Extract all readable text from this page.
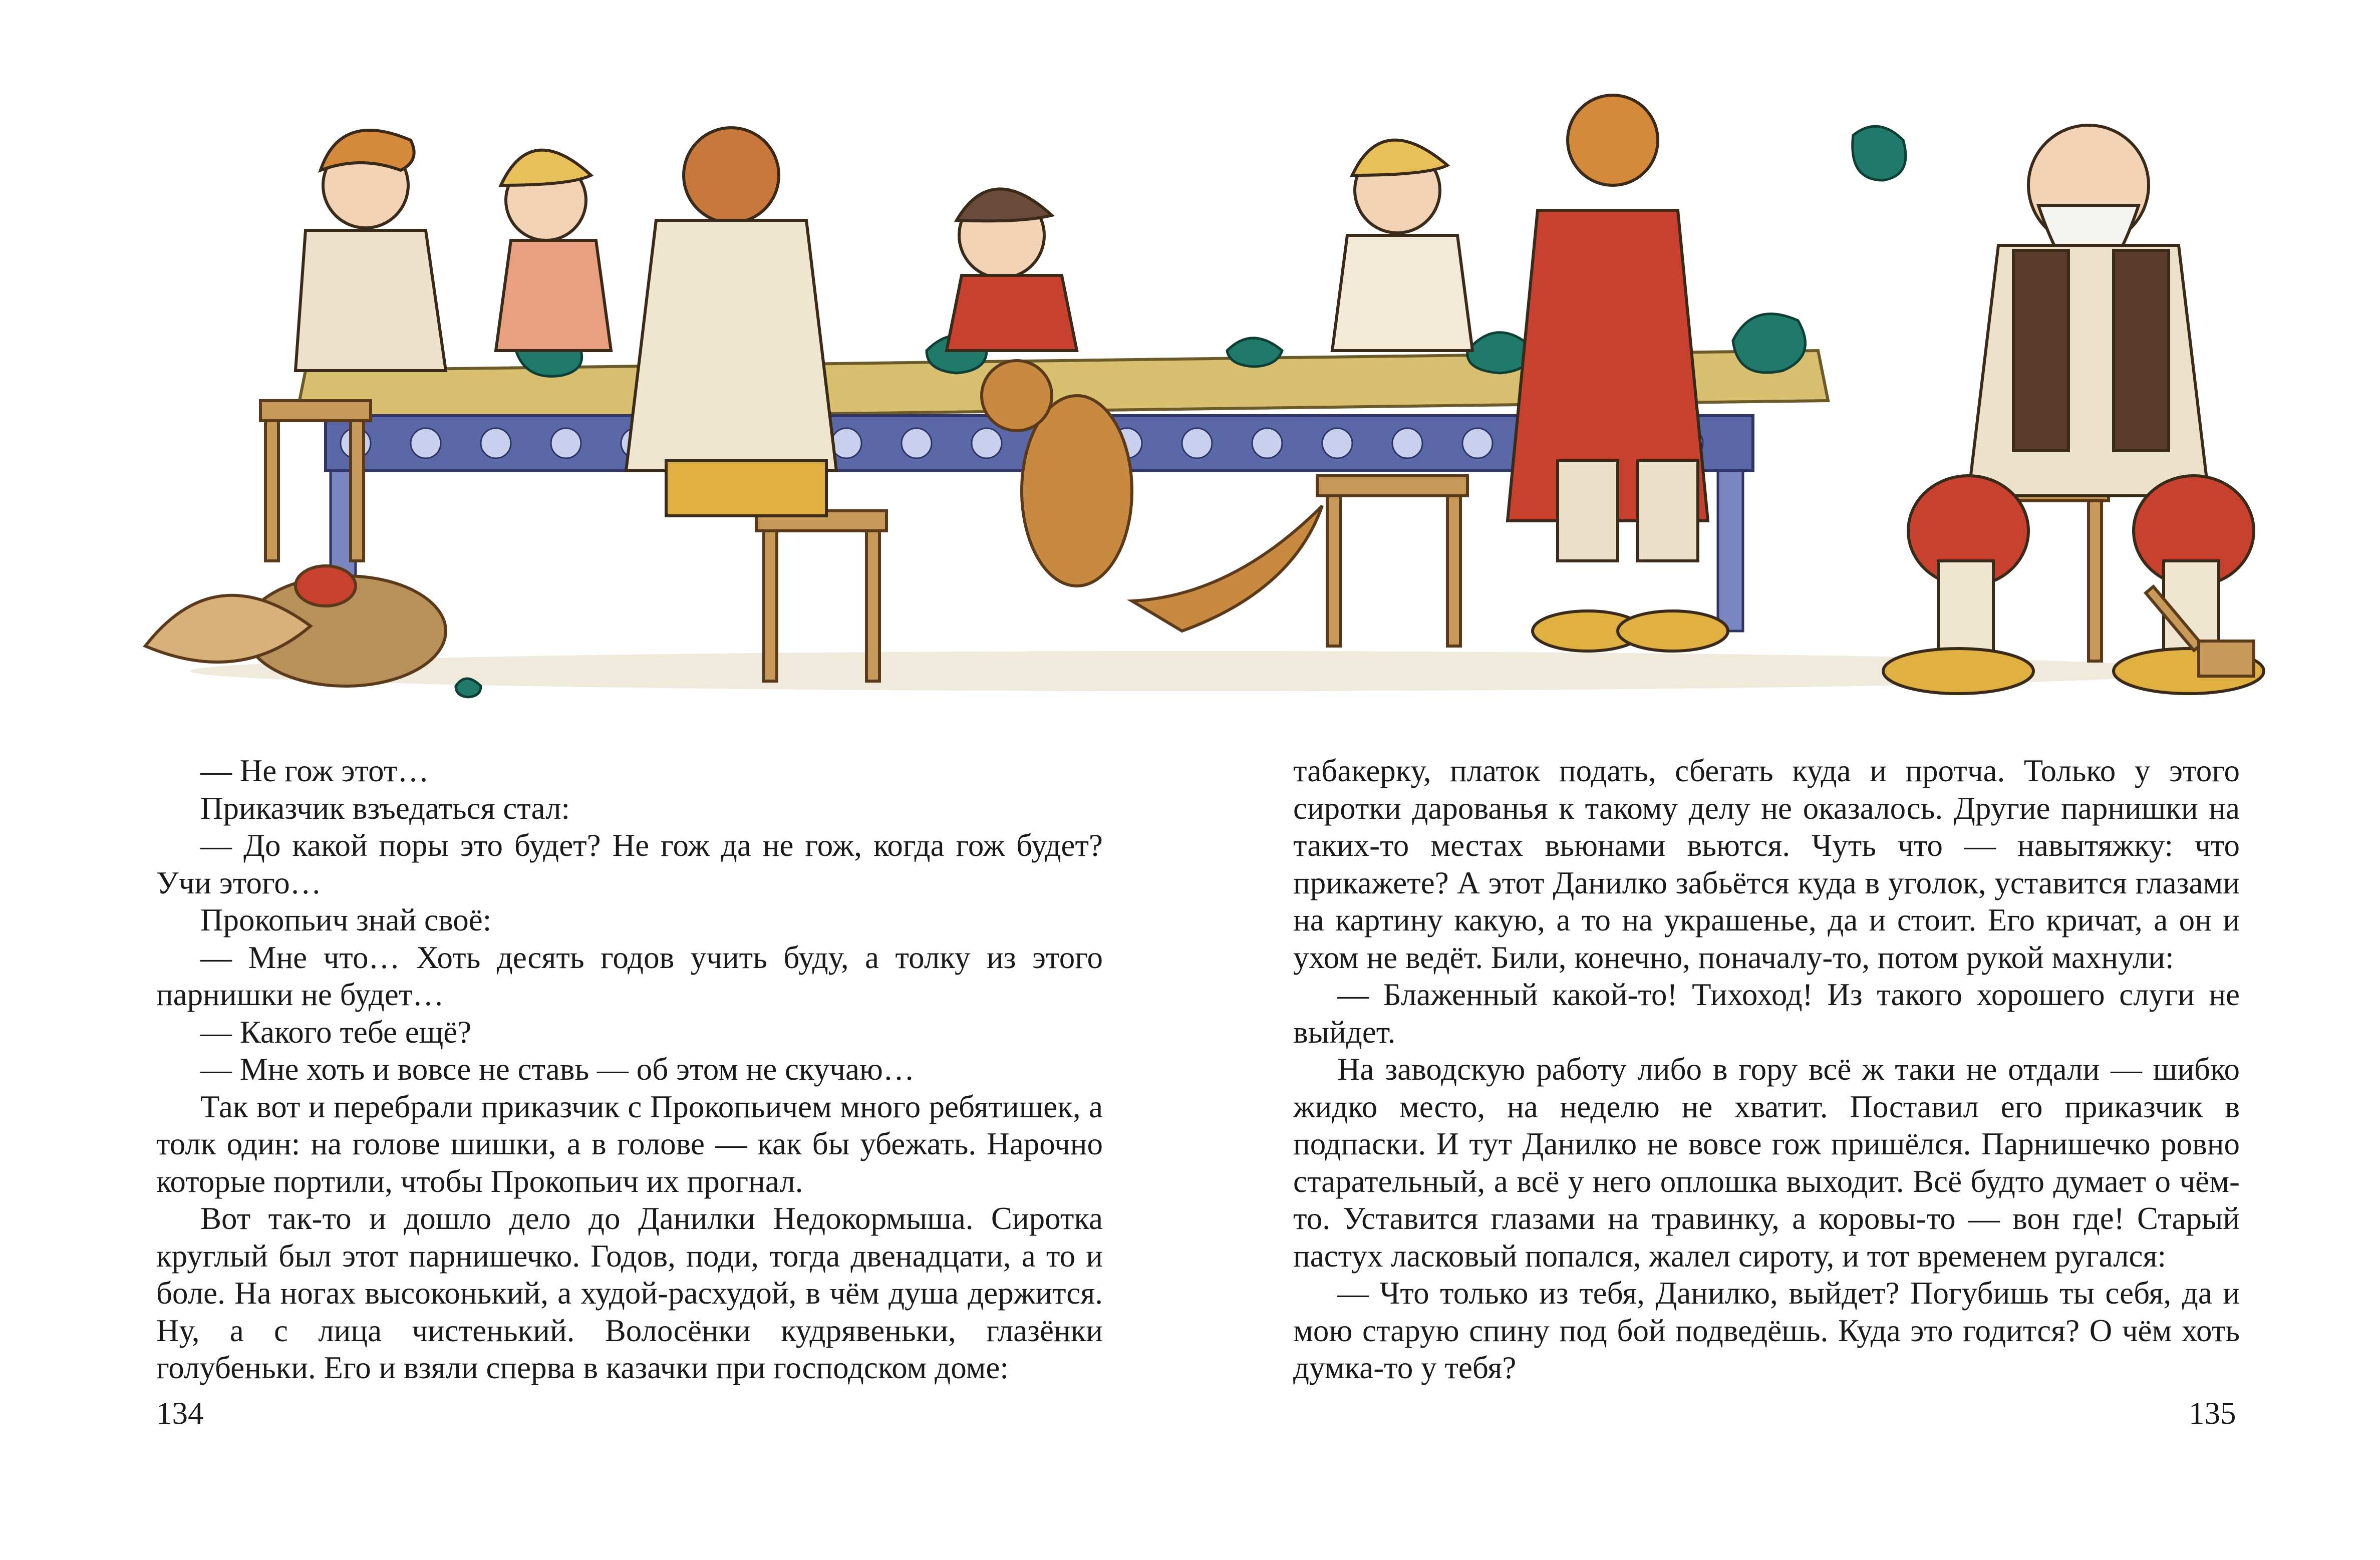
— Не гож этот…

Приказчик взъедаться стал:

— До какой поры это будет? Не гож да не гож, когда гож будет? Учи этого…

Прокопьич знай своё:

— Мне что… Хоть десять годов учить буду, а толку из этого парнишки не будет…

— Какого тебе ещё?

— Мне хоть и вовсе не ставь — об этом не скучаю…

Так вот и перебрали приказчик с Прокопьичем много ребятишек, а толк один: на голове шишки, а в голове — как бы убежать. Нарочно которые портили, чтобы Прокопьич их прогнал.

Вот так-то и дошло дело до Данилки Недокормыша. Сиротка круглый был этот парнишечко. Годов, поди, тогда двенадцати, а то и боле. На ногах высоконький, а худой-расхудой, в чём душа держится. Ну, а с лица чистенький. Волосёнки кудрявеньки, глазёнки голубеньки. Его и взяли сперва в казачки при господском доме:

134

табакерку, платок подать, сбегать куда и протча. Только у этого сиротки дарованья к такому делу не оказалось. Другие парнишки на таких-то местах вьюнами вьются. Чуть что — навытяжку: что прикажете? А этот Данилко забьётся куда в уголок, уставится глазами на картину какую, а то на украшенье, да и стоит. Его кричат, а он и ухом не ведёт. Били, конечно, поначалу-то, потом рукой махнули:

— Блаженный какой-то! Тихоход! Из такого хорошего слуги не выйдет.

На заводскую работу либо в гору всё ж таки не отдали — шибко жидко место, на неделю не хватит. Поставил его приказчик в подпаски. И тут Данилко не вовсе гож пришёлся. Парнишечко ровно старательный, а всё у него оплошка выходит. Всё будто думает о чём-то. Уставится глазами на травинку, а коровы-то — вон где! Старый пастух ласковый попался, жалел сироту, и тот временем ругался:

— Что только из тебя, Данилко, выйдет? Погубишь ты себя, да и мою старую спину под бой подведёшь. Куда это годится? О чём хоть думка-то у тебя?

135
